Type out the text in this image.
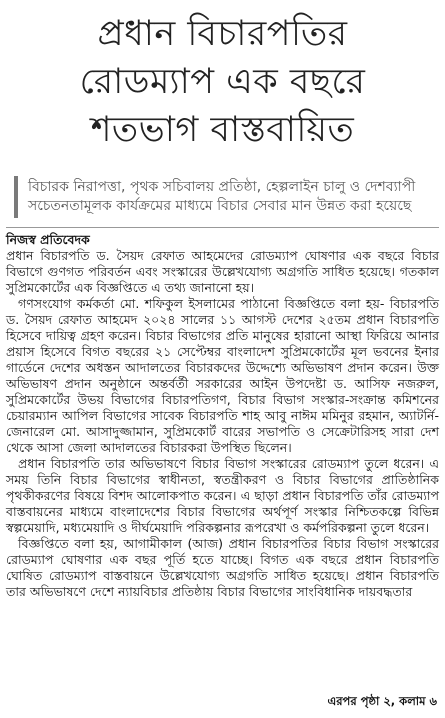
প্রধান বিচারপতির
রোডম্যাপ এক বছরে
শতভাগ বাস্তবায়িত
বিচারক নিরাপত্তা, পৃথক সচিবালয় প্রতিষ্ঠা, হেল্পলাইন চালু ও দেশব্যাপী সচেতনতামূলক কার্যক্রমের মাধ্যমে বিচার সেবার মান উন্নত করা হয়েছে
নিজস্ব প্রতিবেদক

প্রধান বিচারপতি ড. সৈয়দ রেফাত আহমেদের রোডম্যাপ ঘোষণার এক বছরে বিচার বিভাগে গুণগত পরিবর্তন এবং সংস্কারের উল্লেখযোগ্য অগ্রগতি সাধিত হয়েছে। গতকাল সুপ্রিমকোর্টের এক বিজ্ঞপ্তিতে এ তথ্য জানানো হয়।

গণসংযোগ কর্মকর্তা মো. শফিকুল ইসলামের পাঠানো বিজ্ঞপ্তিতে বলা হয়- বিচারপতি ড. সৈয়দ রেফাত আহমেদ ২০২৪ সালের ১১ আগস্ট দেশের ২৫তম প্রধান বিচারপতি হিসেবে দায়িত্ব গ্রহণ করেন। বিচার বিভাগের প্রতি মানুষের হারানো আস্থা ফিরিয়ে আনার প্রয়াস হিসেবে বিগত বছরের ২১ সেপ্টেম্বর বাংলাদেশ সুপ্রিমকোর্টের মূল ভবনের ইনার গার্ডেনে দেশের অধস্তন আদালতের বিচারকদের উদ্দেশ্যে অভিভাষণ প্রদান করেন। উক্ত অভিভাষণ প্রদান অনুষ্ঠানে অন্তর্বর্তী সরকারের আইন উপদেষ্টা ড. আসিফ নজরুল, সুপ্রিমকোর্টের উভয় বিভাগের বিচারপতিগণ, বিচার বিভাগ সংস্কার-সংক্রান্ত কমিশনের চেয়ারম্যান আপিল বিভাগের সাবেক বিচারপতি শাহ আবু নাঈম মমিনুর রহমান, অ্যাটর্নি-জেনারেল মো. আসাদুজ্জামান, সুপ্রিমকোর্ট বারের সভাপতি ও সেক্রেটারিসহ সারা দেশ থেকে আসা জেলা আদালতের বিচারকরা উপস্থিত ছিলেন।

প্রধান বিচারপতি তার অভিভাষণে বিচার বিভাগ সংস্কারের রোডম্যাপ তুলে ধরেন। এ সময় তিনি বিচার বিভাগের স্বাধীনতা, স্বতন্ত্রীকরণ ও বিচার বিভাগের প্রাতিষ্ঠানিক পৃথকীকরণের বিষয়ে বিশদ আলোকপাত করেন। এ ছাড়া প্রধান বিচারপতি তাঁর রোডম্যাপ বাস্তবায়নের মাধ্যমে বাংলাদেশের বিচার বিভাগের অর্থপূর্ণ সংস্কার নিশ্চিতকল্পে বিভিন্ন স্বল্পমেয়াদি, মধ্যমেয়াদি ও দীর্ঘমেয়াদি পরিকল্পনার রূপরেখা ও কর্মপরিকল্পনা তুলে ধরেন।

বিজ্ঞপ্তিতে বলা হয়, আগামীকাল (আজ) প্রধান বিচারপতির বিচার বিভাগ সংস্কারের রোডম্যাপ ঘোষণার এক বছর পূর্তি হতে যাচ্ছে। বিগত এক বছরে প্রধান বিচারপতি ঘোষিত রোডম্যাপ বাস্তবায়নে উল্লেখযোগ্য অগ্রগতি সাধিত হয়েছে। প্রধান বিচারপতি তার অভিভাষণে দেশে ন্যায়বিচার প্রতিষ্ঠায় বিচার বিভাগের সাংবিধানিক দায়বদ্ধতার

এরপর পৃষ্ঠা ২, কলাম ৬
